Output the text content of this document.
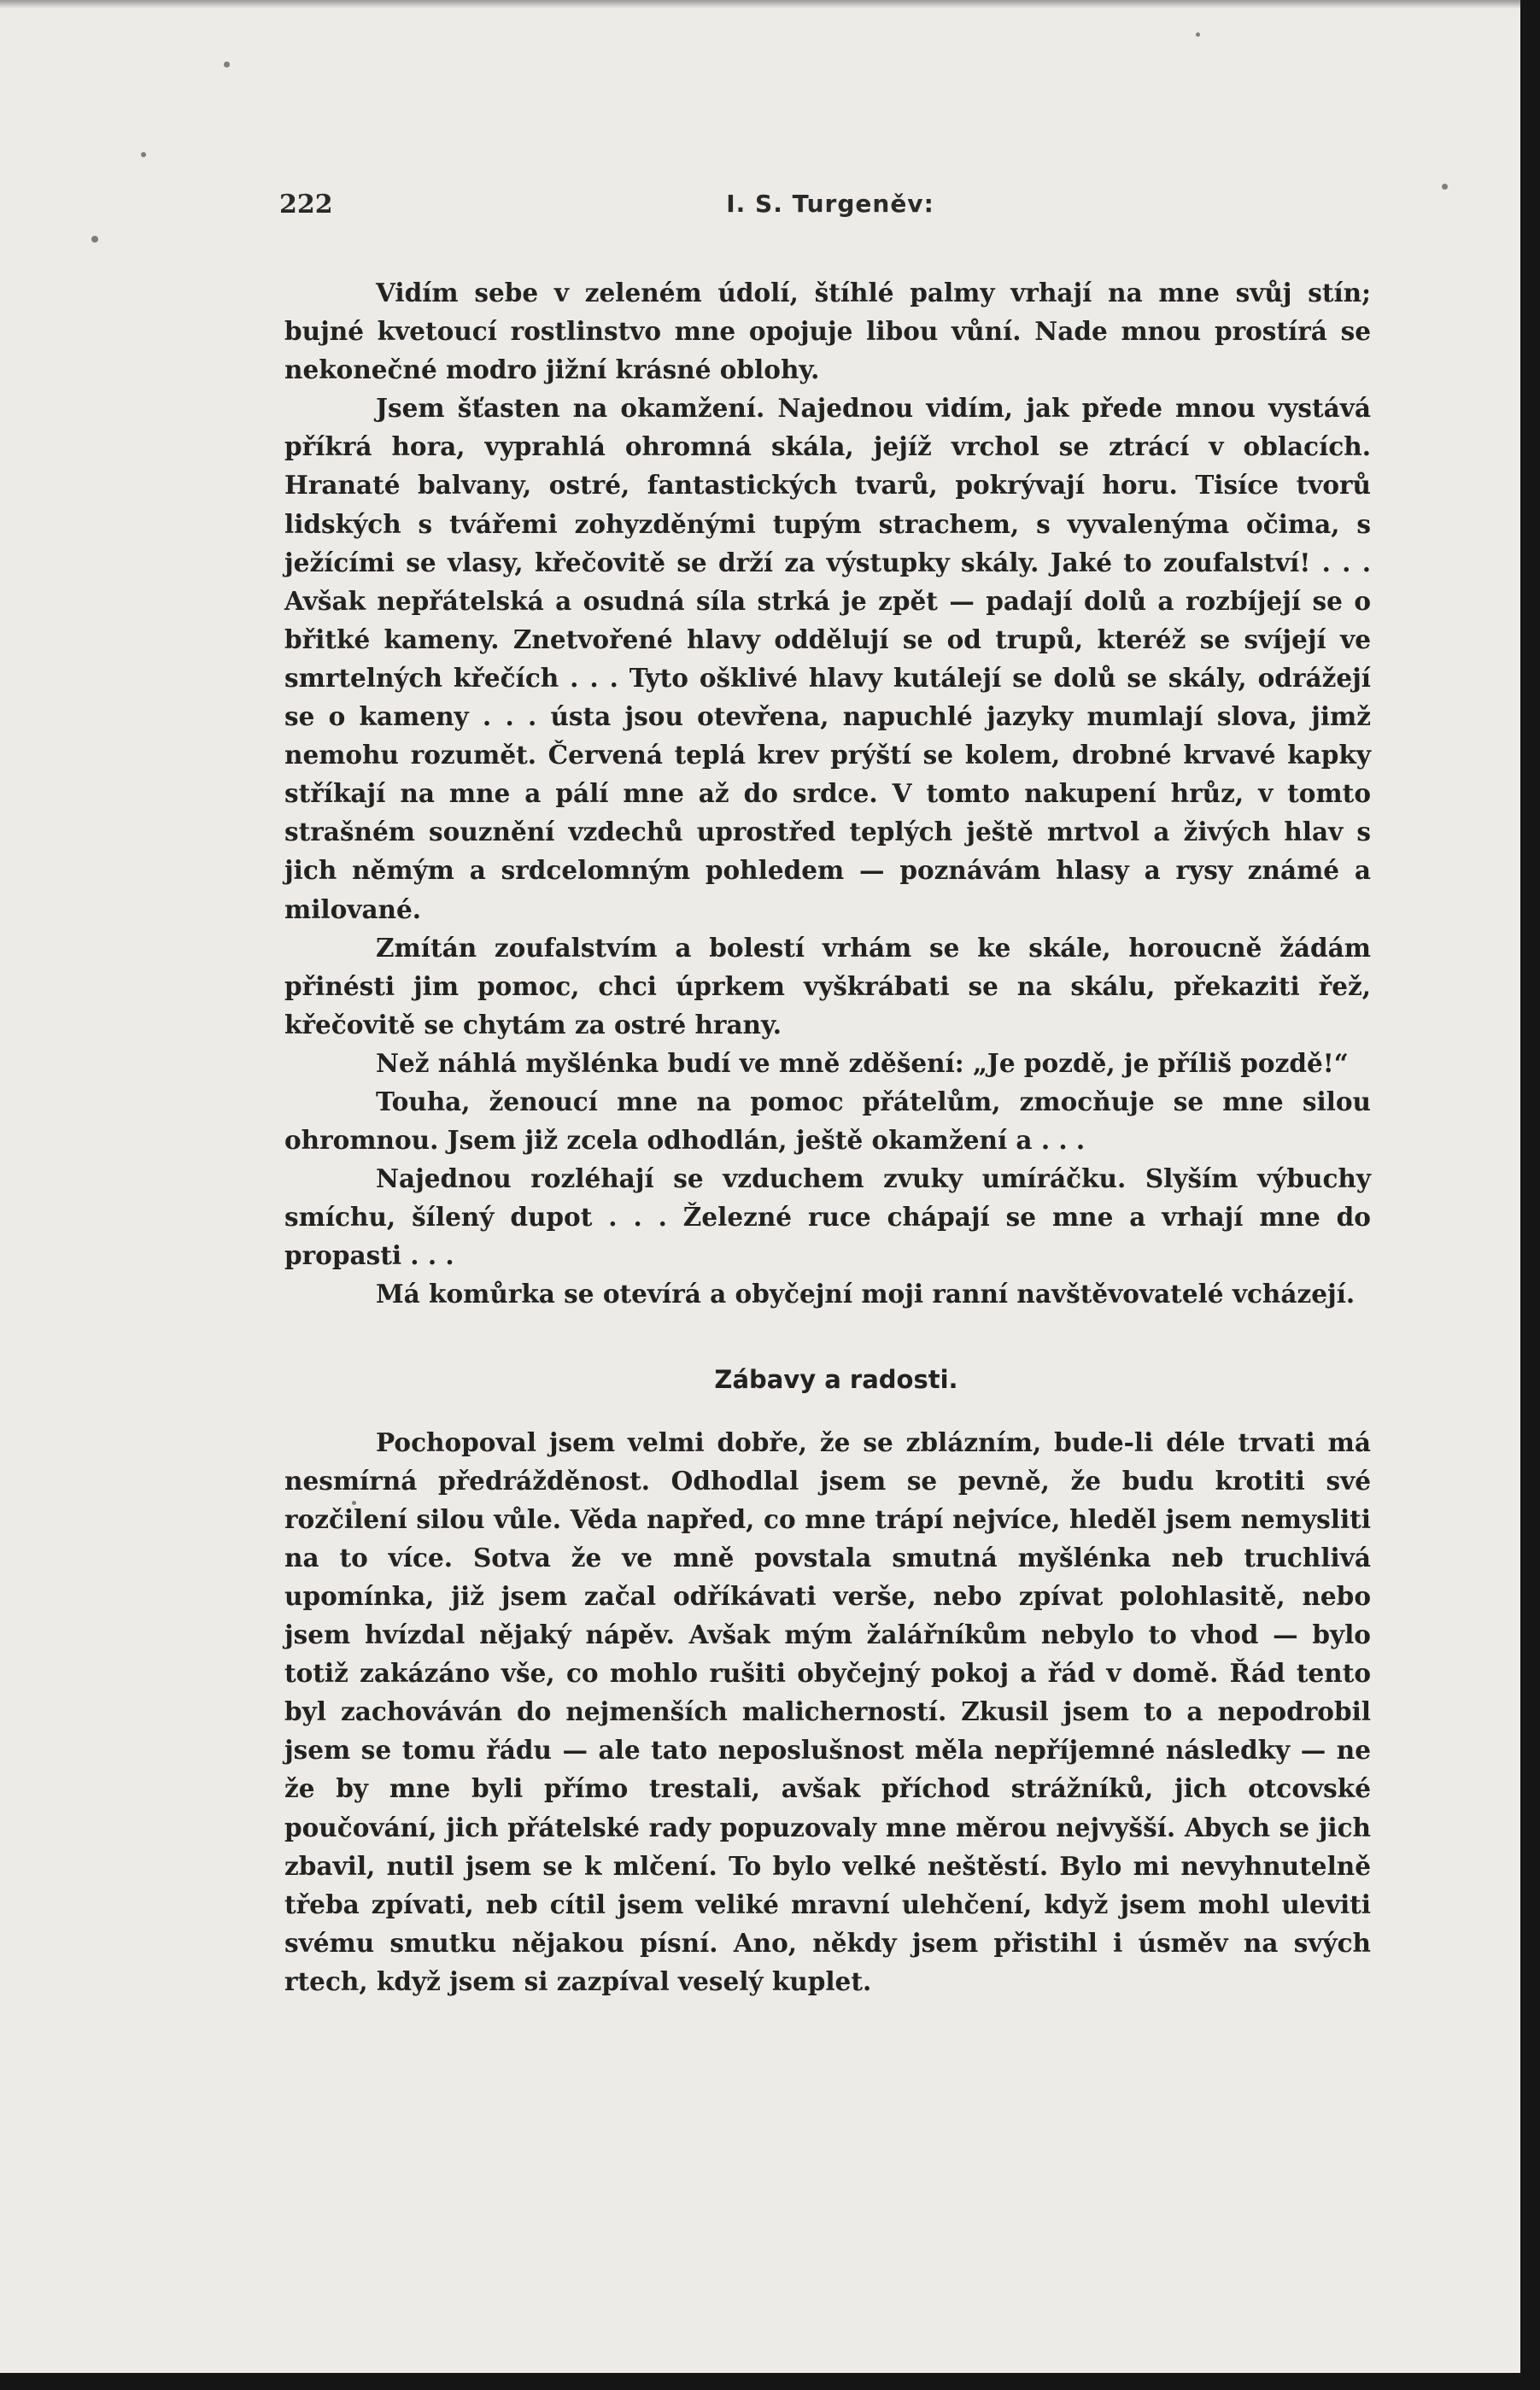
222	I. S. Turgeněv:

Vidím sebe v zeleném údolí, štíhlé palmy vrhají na mne svůj stín; bujné kvetoucí rostlinstvo mne opojuje libou vůní. Nade mnou prostírá se nekonečné modro jižní krásné oblohy.

Jsem šťasten na okamžení. Najednou vidím, jak přede mnou vystává příkrá hora, vyprahlá ohromná skála, jejíž vrchol se ztrácí v oblacích. Hranaté balvany, ostré, fantastických tvarů, pokrývají horu. Tisíce tvorů lidských s tvářemi zohyzděnými tupým strachem, s vyvalenýma očima, s ježícími se vlasy, křečovitě se drží za výstupky skály. Jaké to zoufalství! . . . Avšak nepřátelská a osudná síla strká je zpět — padají dolů a rozbíjejí se o břitké kameny. Znetvořené hlavy oddělují se od trupů, kteréž se svíjejí ve smrtelných křečích . . . Tyto ošklivé hlavy kutálejí se dolů se skály, odrážejí se o kameny . . . ústa jsou otevřena, napuchlé jazyky mumlají slova, jimž nemohu rozumět. Červená teplá krev prýští se kolem, drobné krvavé kapky stříkají na mne a pálí mne až do srdce. V tomto nakupení hrůz, v tomto strašném souznění vzdechů uprostřed teplých ještě mrtvol a živých hlav s jich němým a srdcelomným pohledem — poznávám hlasy a rysy známé a milované.

Zmítán zoufalstvím a bolestí vrhám se ke skále, horoucně žádám přinésti jim pomoc, chci úprkem vyškrábati se na skálu, překaziti řež, křečovitě se chytám za ostré hrany.

Než náhlá myšlénka budí ve mně zděšení: „Je pozdě, je příliš pozdě!“

Touha, ženoucí mne na pomoc přátelům, zmocňuje se mne silou ohromnou. Jsem již zcela odhodlán, ještě okamžení a . . .

Najednou rozléhají se vzduchem zvuky umíráčku. Slyším výbuchy smíchu, šílený dupot . . . Železné ruce chápají se mne a vrhají mne do propasti . . .

Má komůrka se otevírá a obyčejní moji ranní navštěvovatelé vcházejí.

Zábavy a radosti.

Pochopoval jsem velmi dobře, že se zblázním, bude-li déle trvati má nesmírná předrážděnost. Odhodlal jsem se pevně, že budu krotiti své rozčilení silou vůle. Věda napřed, co mne trápí nejvíce, hleděl jsem nemysliti na to více. Sotva že ve mně povstala smutná myšlénka neb truchlivá upomínka, již jsem začal odříkávati verše, nebo zpívat polohlasitě, nebo jsem hvízdal nějaký nápěv. Avšak mým žalářníkům nebylo to vhod — bylo totiž zakázáno vše, co mohlo rušiti obyčejný pokoj a řád v domě. Řád tento byl zachováván do nejmenších malicherností. Zkusil jsem to a nepodrobil jsem se tomu řádu — ale tato neposlušnost měla nepříjemné následky — ne že by mne byli přímo trestali, avšak příchod strážníků, jich otcovské poučování, jich přátelské rady popuzovaly mne měrou nejvyšší. Abych se jich zbavil, nutil jsem se k mlčení. To bylo velké neštěstí. Bylo mi nevyhnutelně třeba zpívati, neb cítil jsem veliké mravní ulehčení, když jsem mohl uleviti svému smutku nějakou písní. Ano, někdy jsem přistihl i úsměv na svých rtech, když jsem si zazpíval veselý kuplet.
